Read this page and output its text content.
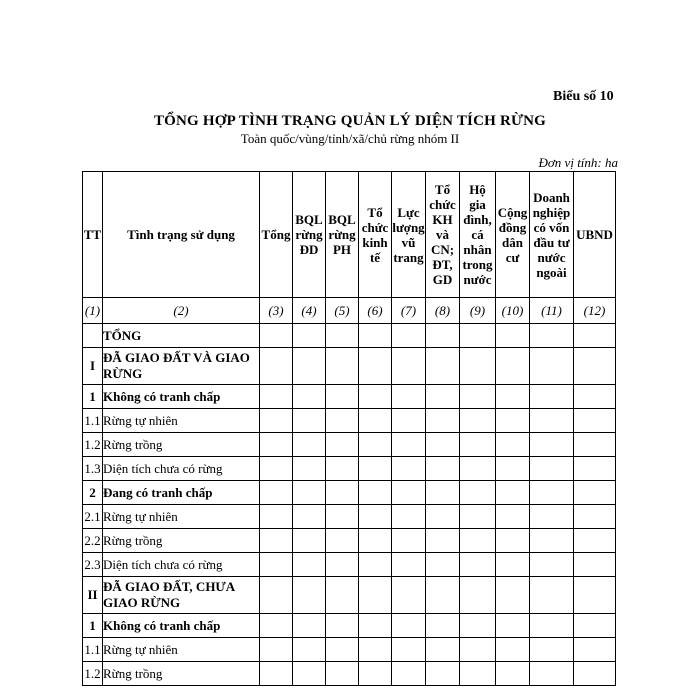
Biểu số 10
TỔNG HỢP TÌNH TRẠNG QUẢN LÝ DIỆN TÍCH RỪNG
Toàn quốc/vùng/tỉnh/xã/chủ rừng nhóm II
Đơn vị tính: ha
TT	Tình trạng sử dụng	Tổng	BQL rừng ĐD	BQL rừng PH	Tổ chức kinh tế	Lực lượng vũ trang	Tổ chức KH và CN; ĐT, GD	Hộ gia đình, cá nhân trong nước	Cộng đồng dân cư	Doanh nghiệp có vốn đầu tư nước ngoài	UBND
(1)	(2)	(3)	(4)	(5)	(6)	(7)	(8)	(9)	(10)	(11)	(12)
	TỔNG										
I	ĐÃ GIAO ĐẤT VÀ GIAO RỪNG										
1	Không có tranh chấp										
1.1	Rừng tự nhiên										
1.2	Rừng trồng										
1.3	Diện tích chưa có rừng										
2	Đang có tranh chấp										
2.1	Rừng tự nhiên										
2.2	Rừng trồng										
2.3	Diện tích chưa có rừng										
II	ĐÃ GIAO ĐẤT, CHƯA GIAO RỪNG										
1	Không có tranh chấp										
1.1	Rừng tự nhiên										
1.2	Rừng trồng										
